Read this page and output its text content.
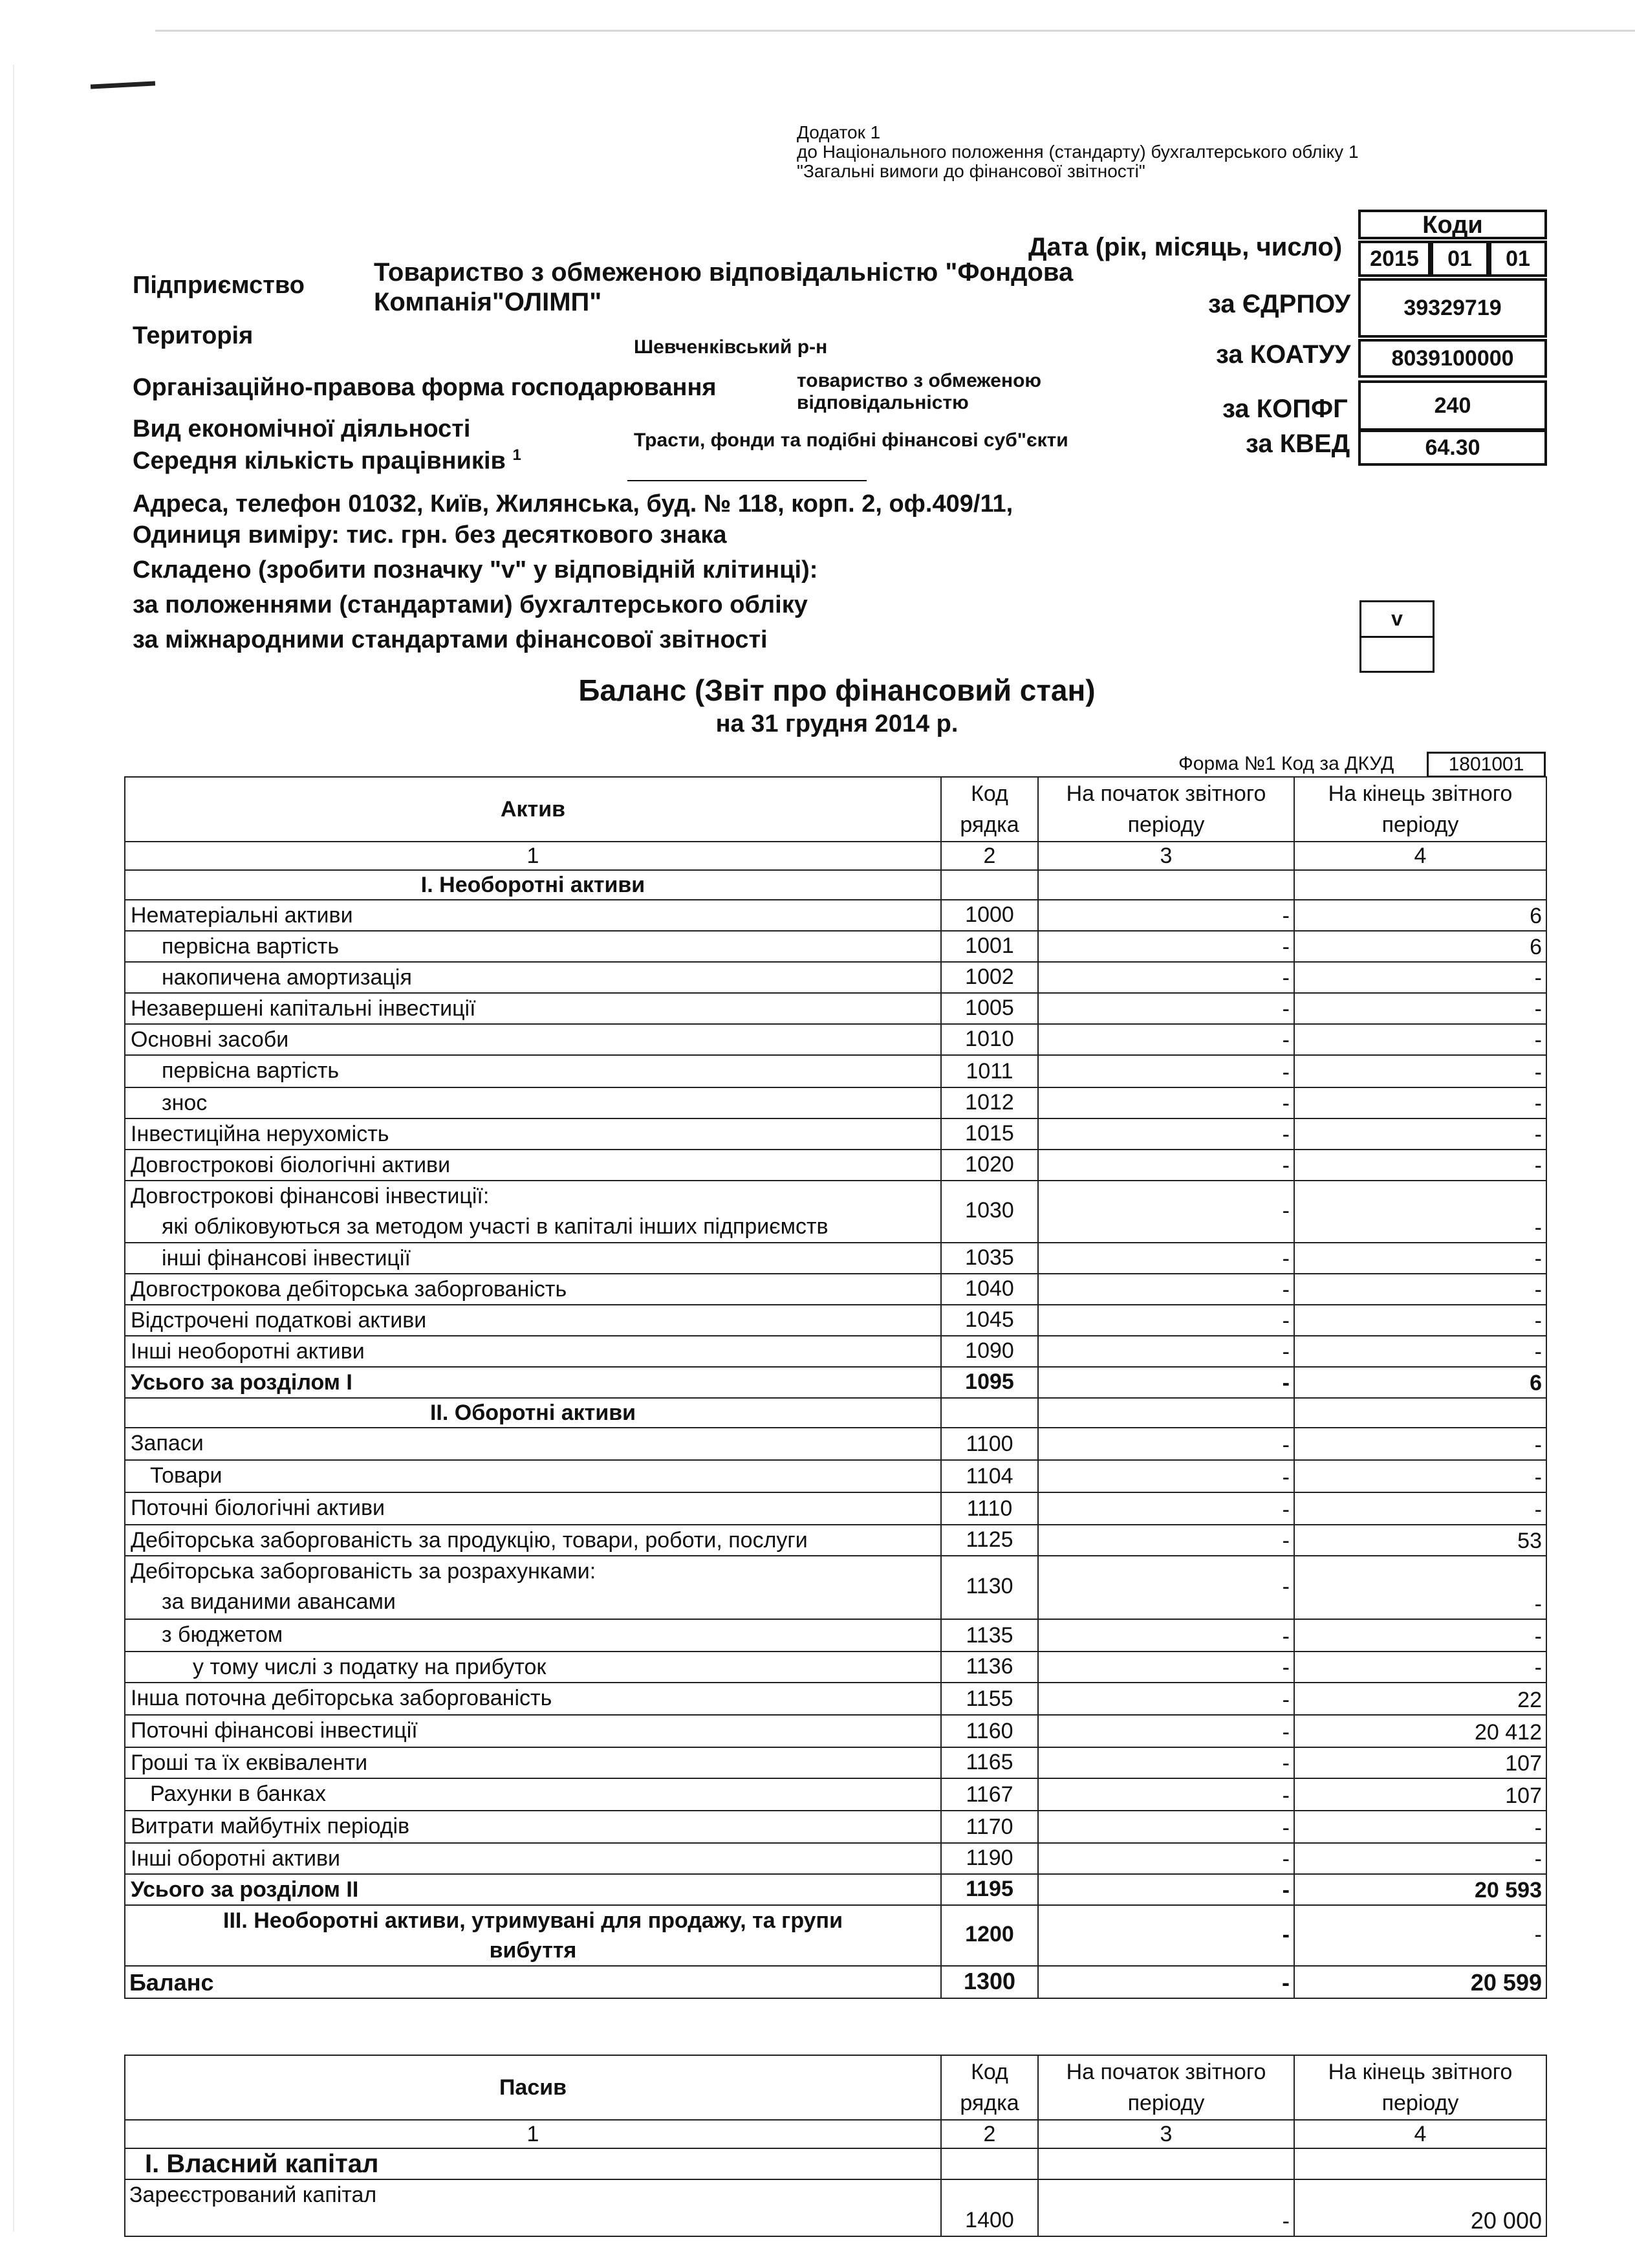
Додаток 1
до Національного положення (стандарту) бухгалтерського обліку 1
"Загальні вимоги до фінансової звітності"
Коди
Дата (рік, місяць, число)	2015	01	01
Підприємство	Товариство з обмеженою відповідальністю "Фондова
Компанія"ОЛІМП"	за ЄДРПОУ	39329719
Територія	Шевченківський р-н	за КОАТУУ	8039100000
Організаційно-правова форма господарювання	товариство з обмеженою
відповідальністю	за КОПФГ	240
Вид економічної діяльності	Трасти, фонди та подібні фінансові суб"єкти	за КВЕД	64.30
Середня кількість працівників $^1$
Адреса, телефон 01032, Київ, Жилянська, буд. № 118, корп. 2, оф.409/11,
Одиниця виміру: тис. грн. без десяткового знака
Складено (зробити позначку "v" у відповідній клітинці):
за положеннями (стандартами) бухгалтерського обліку
за міжнародними стандартами фінансової звітності
v
Баланс (Звіт про фінансовий стан)
на 31 грудня 2014 р.
Форма №1 Код за ДКУД	1801001
Актив	Код рядка	На початок звітного періоду	На кінець звітного періоду
1	2	3	4
I. Необоротні активи			

Нематеріальні активи	1000	-	6

первісна вартість	1001	-	6

накопичена амортизація	1002	-	-

Незавершені капітальні інвестиції	1005	-	-

Основні засоби	1010	-	-

первісна вартість	1011	-	-

знос	1012	-	-

Інвестиційна нерухомість	1015	-	-

Довгострокові біологічні активи	1020	-	-

Довгострокові фінансові інвестиції:
які обліковуються за методом участі в капіталі інших підприємств	1030	-	-

інші фінансові інвестиції	1035	-	-

Довгострокова дебіторська заборгованість	1040	-	-

Відстрочені податкові активи	1045	-	-

Інші необоротні активи	1090	-	-

Усього за розділом I	1095	-	6
II. Оборотні активи			

Запаси	1100	-	-

Товари	1104	-	-

Поточні біологічні активи	1110	-	-

Дебіторська заборгованість за продукцію, товари, роботи, послуги	1125	-	53

Дебіторська заборгованість за розрахунками:
за виданими авансами	1130	-	-

з бюджетом	1135	-	-

у тому числі з податку на прибуток	1136	-	-

Інша поточна дебіторська заборгованість	1155	-	22

Поточні фінансові інвестиції	1160	-	20 412

Гроші та їх еквіваленти	1165	-	107

Рахунки в банках	1167	-	107

Витрати майбутніх періодів	1170	-	-

Інші оборотні активи	1190	-	-

Усього за розділом II	1195	-	20 593

III. Необоротні активи, утримувані для продажу, та групи
вибуття	1200	-	-
Баланс	1300	-	20 599
Пасив	Код рядка	На початок звітного періоду	На кінець звітного періоду
1	2	3	4
I. Власний капітал			
Зареєстрований капітал	1400	-	20 000
